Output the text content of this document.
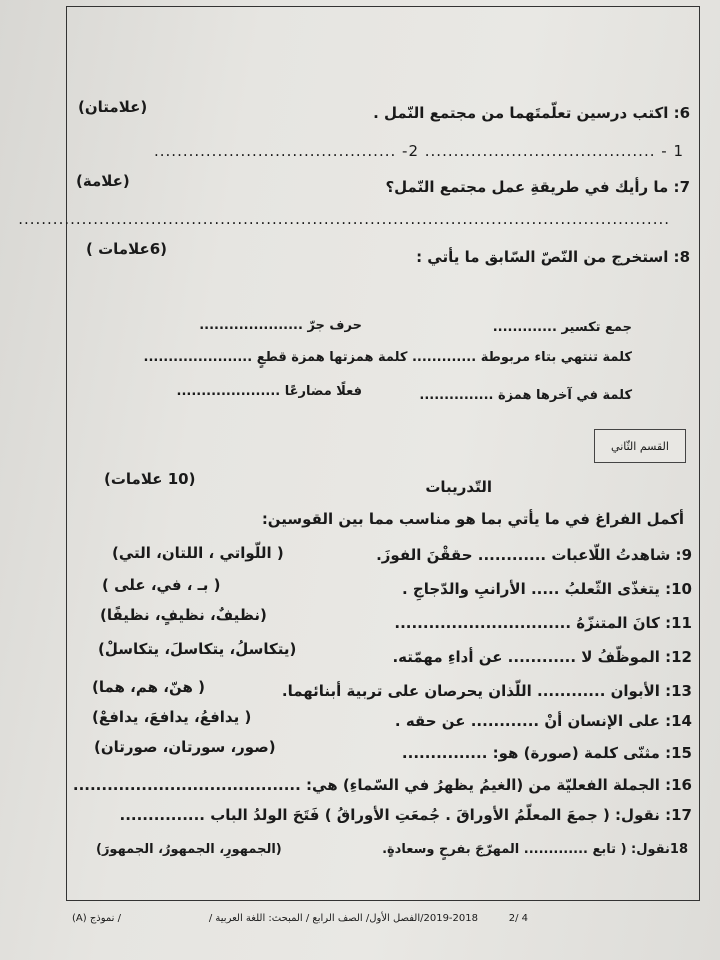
6: اكتب درسين تعلّمتَهما من مجتمع النّمل .
(علامتان)
1 - ........................................ 2- ..........................................
7: ما رأيك في طريقةِ عمل مجتمع النّمل؟
(علامة)
.................................................................................................................
8: استخرج من النّصّ السّابق ما يأتي :
(6علامات )
جمع تكسير .............
حرف جرّ .....................
كلمة تنتهي بتاء مربوطة ............. كلمة همزتها همزة قطعٍ ......................
كلمة في آخرها همزة ...............
فعلًا مضارعًا .....................
القسم الثّاني
التّدريبات
(10 علامات)
أكمل الفراغ في ما يأتي بما هو مناسب مما بين القوسين:
9: شاهدتُ اللّاعبات ............ حققْنَ الفوزَ.
( اللّواتي ، اللتان، التي)
10: يتغذّى الثّعلبُ ..... الأرانبِ والدّجاجِ .
( بـ ، في، على )
11: كانَ المتنزّهُ ...............................
(نظيفٌ، نظيفٍ، نظيفًا)
12: الموظّفُ لا ............ عن أداءِ مهمّته.
(يتكاسلُ، يتكاسلَ، يتكاسلْ)
13: الأبوان ............ اللّذان يحرصان على تربية أبنائهما.
( هنّ، هم، هما)
14: على الإنسان أنْ ............ عن حقه .
( يدافعُ، يدافعَ، يدافعْ)
15: مثنّى كلمة (صورة) هو: ...............
(صور، سورتان، صورتان)
16: الجملة الفعليّة من (الغيمُ يظهرُ في السّماءِ) هي: ........................................
17: نقول: ( جمعَ المعلّمُ الأوراقَ . جُمعَتِ الأوراقُ ) فَتَحَ الولدُ الباب ...............
18نقول: ( تابع ............. المهرّجَ بفرحٍ وسعادةٍ.
(الجمهورِ، الجمهورُ، الجمهورَ)
4 /2
2019-2018/الفصل الأول/ الصف الرابع / المبحث: اللغة العربية /
/ نموذج (A)
